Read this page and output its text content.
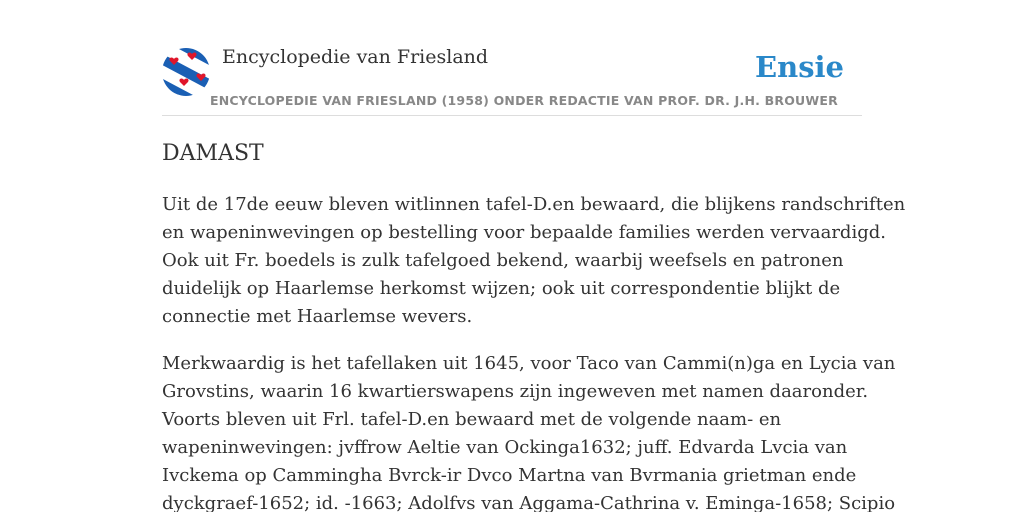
Encyclopedie van Friesland
ENCYCLOPEDIE VAN FRIESLAND (1958) ONDER REDACTIE VAN PROF. DR. J.H. BROUWER
Ensie
DAMAST

Uit de 17de eeuw bleven witlinnen tafel-D.en bewaard, die blijkens randschriften
en wapeninwevingen op bestelling voor bepaalde families werden vervaardigd.
Ook uit Fr. boedels is zulk tafelgoed bekend, waarbij weefsels en patronen
duidelijk op Haarlemse herkomst wijzen; ook uit correspondentie blijkt de
connectie met Haarlemse wevers.

Merkwaardig is het tafellaken uit 1645, voor Taco van Cammi(n)ga en Lycia van
Grovstins, waarin 16 kwartierswapens zijn ingeweven met namen daaronder.
Voorts bleven uit Frl. tafel-D.en bewaard met de volgende naam- en
wapeninwevingen: jvffrow Aeltie van Ockinga1632; juff. Edvarda Lvcia van
Ivckema op Camminghа Bvrck-ir Dvco Martna van Bvrmania grietman ende
dyckgraef-1652; id. -1663; Adolfvs van Aggama-Cathrina v. Eminga-1658; Scipio
